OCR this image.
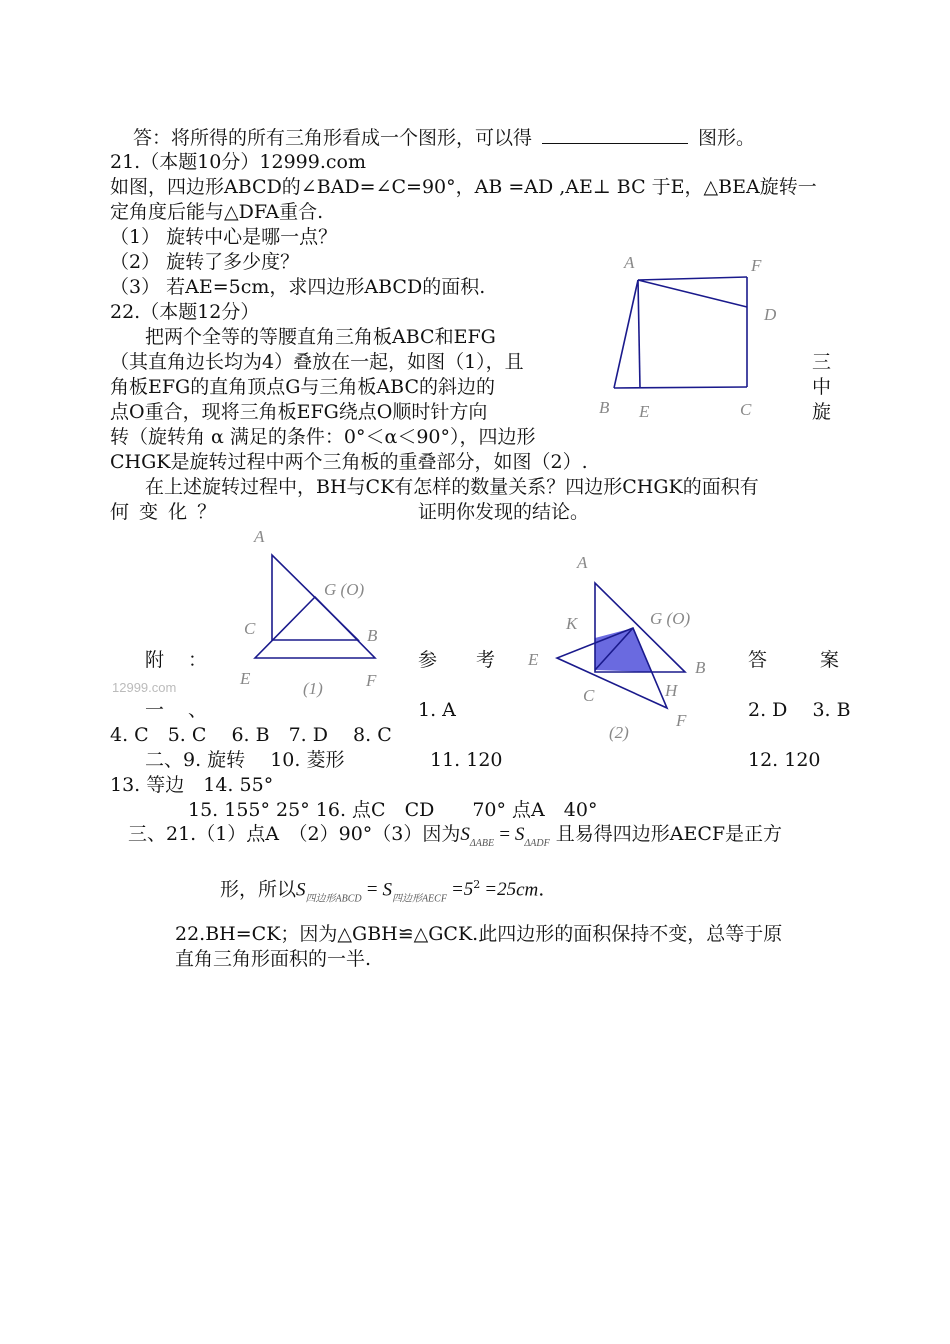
答：将所得的所有三角形看成一个图形，可以得	图形。
21.（本题10分）12999.com
如图，四边形ABCD的∠BAD=∠C=90°，AB =AD ,AE⊥ BC 于E，△BEA旋转一
定角度后能与△DFA重合.
（1） 旋转中心是哪一点？
（2） 旋转了多少度？
（3） 若AE=5cm，求四边形ABCD的面积.
A	F
D
B E	C
22.（本题12分）
把两个全等的等腰直角三角板ABC和EFG
（其直角边长均为4）叠放在一起，如图（1），且
角板EFG的直角顶点G与三角板ABC的斜边的
点O重合，现将三角板EFG绕点O顺时针方向
转（旋转角 α 满足的条件：0°＜α＜90°），四边形
三
中
旋
CHGK是旋转过程中两个三角板的重叠部分，如图（2）.
在上述旋转过程中，BH与CK有怎样的数量关系？四边形CHGK的面积有
何 变 化 ？	证明你发现的结论。
A
G (O)
C	B
E	F
(1)
A
K	G (O)
E	B
C	H
F
(2)
附 ：	参 考	答	案
12999.com
一 、	1. A	2. D　 3. B
4. C　5. C　 6. B　7. D　 8. C
二、9. 旋转　 10. 菱形	11. 120	12. 120
13. 等边　14. 55°
15. 155° 25° 16. 点C　CD　　70° 点A　40°
三、21.（1）点A　（2）90°（3）因为$S_{\Delta ABE} = S_{\Delta ADF}$ 且易得四边形AECF是正方
形，所以$S_{四边形ABCD} = S_{四边形AECF} =5^2 =25cm$.
22.BH=CK；因为△GBH≌△GCK.此四边形的面积保持不变，总等于原
直角三角形面积的一半.
